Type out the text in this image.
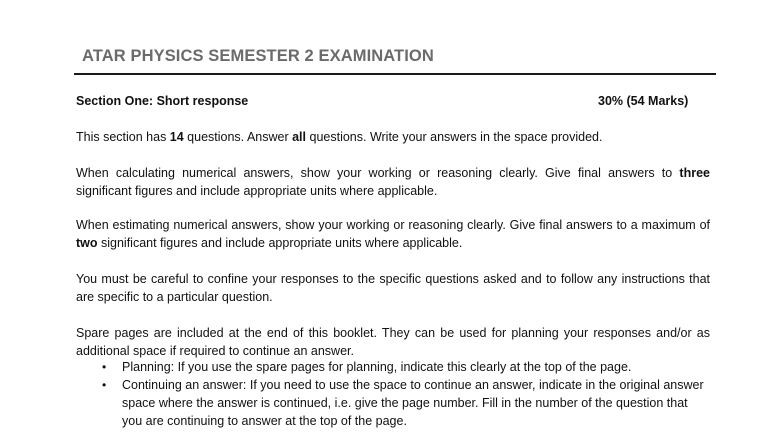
ATAR PHYSICS SEMESTER 2 EXAMINATION
Section One: Short response	30% (54 Marks)
This section has 14 questions. Answer all questions. Write your answers in the space provided.
When calculating numerical answers, show your working or reasoning clearly. Give final answers to three significant figures and include appropriate units where applicable.
When estimating numerical answers, show your working or reasoning clearly. Give final answers to a maximum of two significant figures and include appropriate units where applicable.
You must be careful to confine your responses to the specific questions asked and to follow any instructions that are specific to a particular question.
Spare pages are included at the end of this booklet. They can be used for planning your responses and/or as additional space if required to continue an answer.
• Planning: If you use the spare pages for planning, indicate this clearly at the top of the page.
• Continuing an answer: If you need to use the space to continue an answer, indicate in the original answer space where the answer is continued, i.e. give the page number. Fill in the number of the question that you are continuing to answer at the top of the page.
